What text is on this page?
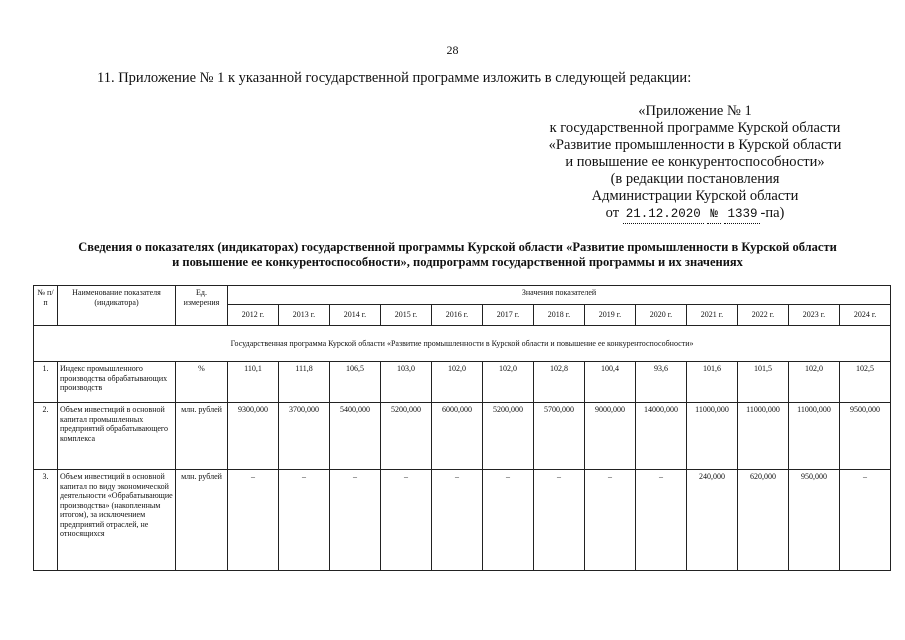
28
11. Приложение № 1 к указанной государственной программе изложить в следующей редакции:
«Приложение № 1
к государственной программе Курской области
«Развитие промышленности в Курской области
и повышение ее конкурентоспособности»
(в редакции постановления
Администрации Курской области
от 21.12.2020 № 1339 -па)
Сведения о показателях (индикаторах) государственной программы Курской области «Развитие промышленности в Курской области
и повышение ее конкурентоспособности», подпрограмм государственной программы и их значениях
№ п/п	Наименование показателя (индикатора)	Ед. измерения	Значения показателей												
			2012 г.	2013 г.	2014 г.	2015 г.	2016 г.	2017 г.	2018 г.	2019 г.	2020 г.	2021 г.	2022 г.	2023 г.	2024 г.
Государственная программа Курской области «Развитие промышленности в Курской области и повышение ее конкурентоспособности»															
1.	Индекс промышленного производства обрабатывающих производств	%	110,1	111,8	106,5	103,0	102,0	102,0	102,8	100,4	93,6	101,6	101,5	102,0	102,5
2.	Объем инвестиций в основной капитал промышленных предприятий обрабатывающего комплекса	млн. рублей	9300,000	3700,000	5400,000	5200,000	6000,000	5200,000	5700,000	9000,000	14000,000	11000,000	11000,000	11000,000	9500,000
3.	Объем инвестиций в основной капитал по виду экономической деятельности «Обрабатывающие производства» (накопленным итогом), за исключением предприятий отраслей, не относящихся	млн. рублей	–	–	–	–	–	–	–	–	–	240,000	620,000	950,000	–
